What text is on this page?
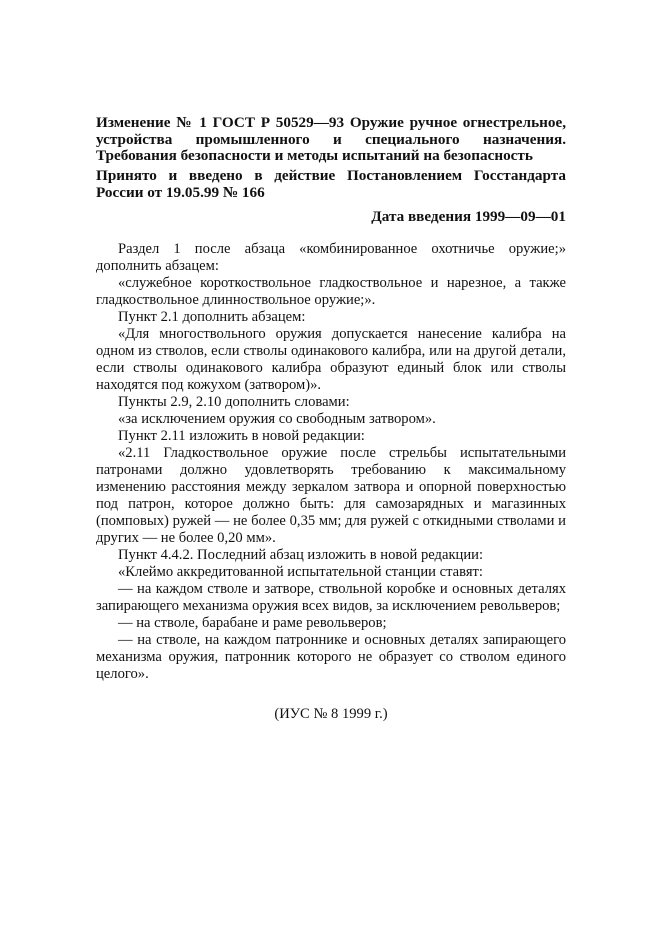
Изменение № 1 ГОСТ Р 50529—93 Оружие ручное огнестрельное, устройства промышленного и специального назначения. Требования безопасности и методы испытаний на безопасность

Принято и введено в действие Постановлением Госстандарта России от 19.05.99 № 166

Дата введения 1999—09—01

Раздел 1 после абзаца «комбинированное охотничье оружие;» дополнить абзацем:

«служебное короткоствольное гладкоствольное и нарезное, а также гладкоствольное длинноствольное оружие;».

Пункт 2.1 дополнить абзацем:

«Для многоствольного оружия допускается нанесение калибра на одном из стволов, если стволы одинакового калибра, или на другой детали, если стволы одинакового калибра образуют единый блок или стволы находятся под кожухом (затвором)».

Пункты 2.9, 2.10 дополнить словами:

«за исключением оружия со свободным затвором».

Пункт 2.11 изложить в новой редакции:

«2.11 Гладкоствольное оружие после стрельбы испытательными патронами должно удовлетворять требованию к максимальному изменению расстояния между зеркалом затвора и опорной поверхностью под патрон, которое должно быть: для самозарядных и магазинных (помповых) ружей — не более 0,35 мм; для ружей с откидными стволами и других — не более 0,20 мм».

Пункт 4.4.2. Последний абзац изложить в новой редакции:

«Клеймо аккредитованной испытательной станции ставят:

— на каждом стволе и затворе, ствольной коробке и основных деталях запирающего механизма оружия всех видов, за исключением револьверов;

— на стволе, барабане и раме револьверов;

— на стволе, на каждом патроннике и основных деталях запирающего механизма оружия, патронник которого не образует со стволом единого целого».

(ИУС № 8 1999 г.)
